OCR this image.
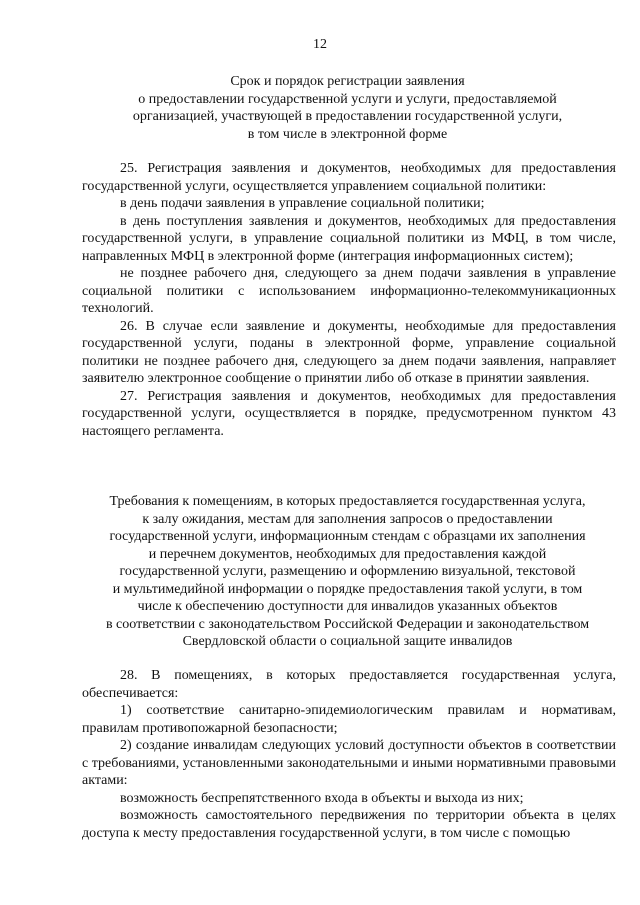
12
Срок и порядок регистрации заявления
о предоставлении государственной услуги и услуги, предоставляемой
организацией, участвующей в предоставлении государственной услуги,
в том числе в электронной форме

25. Регистрация заявления и документов, необходимых для предоставления государственной услуги, осуществляется управлением социальной политики:

в день подачи заявления в управление социальной политики;

в день поступления заявления и документов, необходимых для предоставления государственной услуги, в управление социальной политики из МФЦ, в том числе, направленных МФЦ в электронной форме (интеграция информационных систем);

не позднее рабочего дня, следующего за днем подачи заявления в управление социальной политики с использованием информационно-телекоммуникационных технологий.

26. В случае если заявление и документы, необходимые для предоставления государственной услуги, поданы в электронной форме, управление социальной политики не позднее рабочего дня, следующего за днем подачи заявления, направляет заявителю электронное сообщение о принятии либо об отказе в принятии заявления.

27. Регистрация заявления и документов, необходимых для предоставления государственной услуги, осуществляется в порядке, предусмотренном пунктом 43 настоящего регламента.

Требования к помещениям, в которых предоставляется государственная услуга,
к залу ожидания, местам для заполнения запросов о предоставлении
государственной услуги, информационным стендам с образцами их заполнения
и перечнем документов, необходимых для предоставления каждой
государственной услуги, размещению и оформлению визуальной, текстовой
и мультимедийной информации о порядке предоставления такой услуги, в том
числе к обеспечению доступности для инвалидов указанных объектов
в соответствии с законодательством Российской Федерации и законодательством
Свердловской области о социальной защите инвалидов

28. В помещениях, в которых предоставляется государственная услуга, обеспечивается:

1) соответствие санитарно-эпидемиологическим правилам и нормативам, правилам противопожарной безопасности;

2) создание инвалидам следующих условий доступности объектов в соответствии с требованиями, установленными законодательными и иными нормативными правовыми актами:

возможность беспрепятственного входа в объекты и выхода из них;

возможность самостоятельного передвижения по территории объекта в целях доступа к месту предоставления государственной услуги, в том числе с помощью
